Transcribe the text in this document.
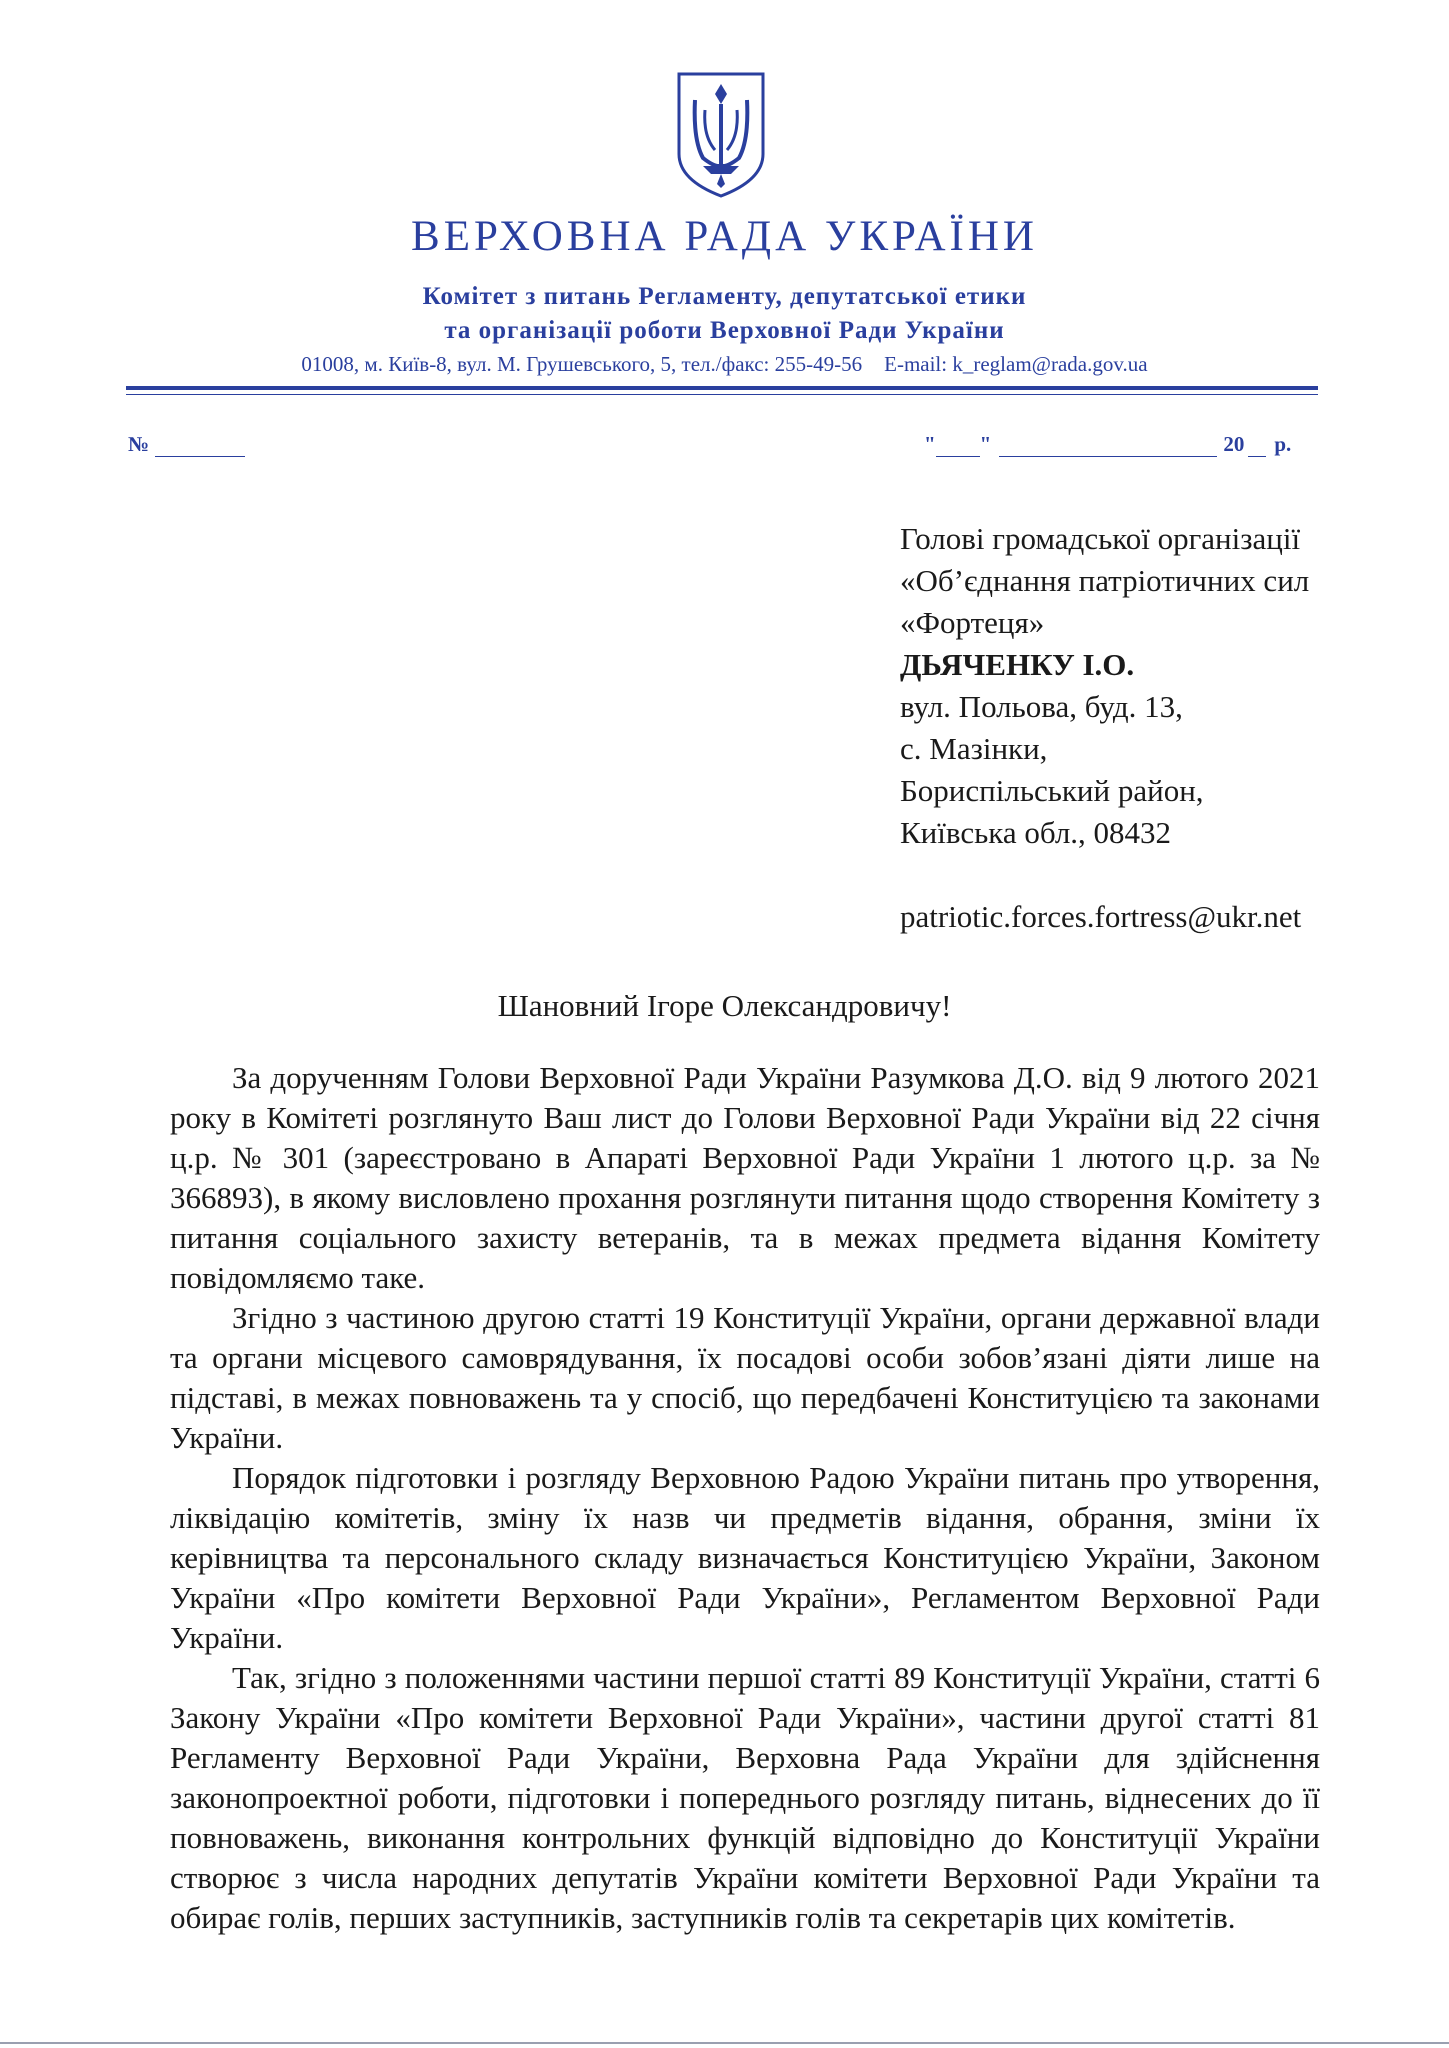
ВЕРХОВНА РАДА УКРАЇНИ
Комітет з питань Регламенту, депутатської етики
та організації роботи Верховної Ради України
01008, м. Київ-8, вул. М. Грушевського, 5, тел./факс: 255-49-56 E-mail: k_reglam@rada.gov.ua
№	" "	20 р.
Голові громадської організації
«Об’єднання патріотичних сил
«Фортеця»
ДЬЯЧЕНКУ І.О.
вул. Польова, буд. 13,
с. Мазінки,
Бориспільський район,
Київська обл., 08432
patriotic.forces.fortress@ukr.net
Шановний Ігоре Олександровичу!

За дорученням Голови Верховної Ради України Разумкова Д.О. від 9 лютого 2021 року в Комітеті розглянуто Ваш лист до Голови Верховної Ради України від 22 січня ц.р. № 301 (зареєстровано в Апараті Верховної Ради України 1 лютого ц.р. за № 366893), в якому висловлено прохання розглянути питання щодо створення Комітету з питання соціального захисту ветеранів, та в межах предмета відання Комітету повідомляємо таке.

Згідно з частиною другою статті 19 Конституції України, органи державної влади та органи місцевого самоврядування, їх посадові особи зобов’язані діяти лише на підставі, в межах повноважень та у спосіб, що передбачені Конституцією та законами України.

Порядок підготовки і розгляду Верховною Радою України питань про утворення, ліквідацію комітетів, зміну їх назв чи предметів відання, обрання, зміни їх керівництва та персонального складу визначається Конституцією України, Законом України «Про комітети Верховної Ради України», Регламентом Верховної Ради України.

Так, згідно з положеннями частини першої статті 89 Конституції України, статті 6 Закону України «Про комітети Верховної Ради України», частини другої статті 81 Регламенту Верховної Ради України, Верховна Рада України для здійснення законопроектної роботи, підготовки і попереднього розгляду питань, віднесених до її повноважень, виконання контрольних функцій відповідно до Конституції України створює з числа народних депутатів України комітети Верховної Ради України та обирає голів, перших заступників, заступників голів та секретарів цих комітетів.
